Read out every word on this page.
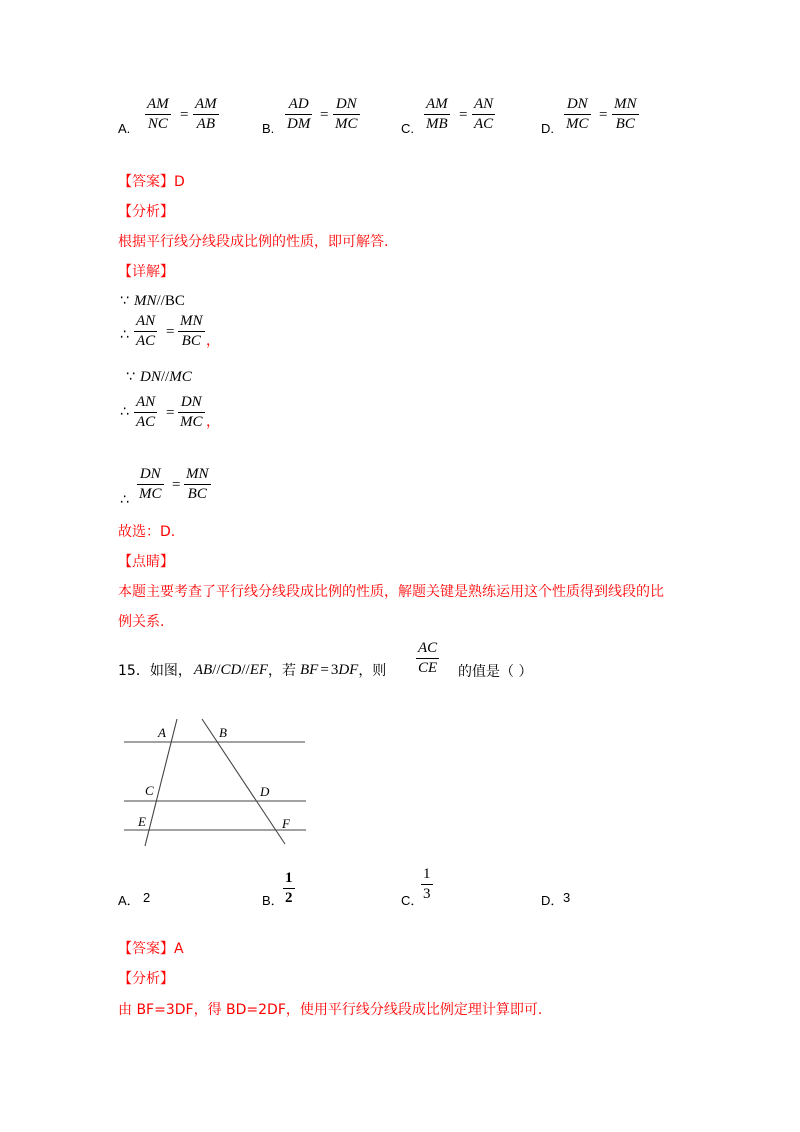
A.
AM
NC
=
AM
AB	B.
AD
DM
=
DN
MC	C.
AM
MB
=
AN
AC	D.
DN
MC
=
MN
BC
【答案】D
【分析】
根据平行线分线段成比例的性质，即可解答.
【详解】
∵ MN//BC
∴
AN
AC
=
MN
BC ，
∵ DN//MC
∴
AN
AC
=
DN
MC ，
∴
DN
MC
=
MN
BC
故选：D.
【点睛】
本题主要考查了平行线分线段成比例的性质，解题关键是熟练运用这个性质得到线段的比
例关系.
15．如图， AB // CD // EF ，若 BF = 3 DF ，则
AC
CE 的值是（ ）
A	B
C	D
E	F
A． 2	B．
1
2	C．
1
3	D． 3
【答案】A
【分析】
由 BF=3DF，得 BD=2DF，使用平行线分线段成比例定理计算即可.
